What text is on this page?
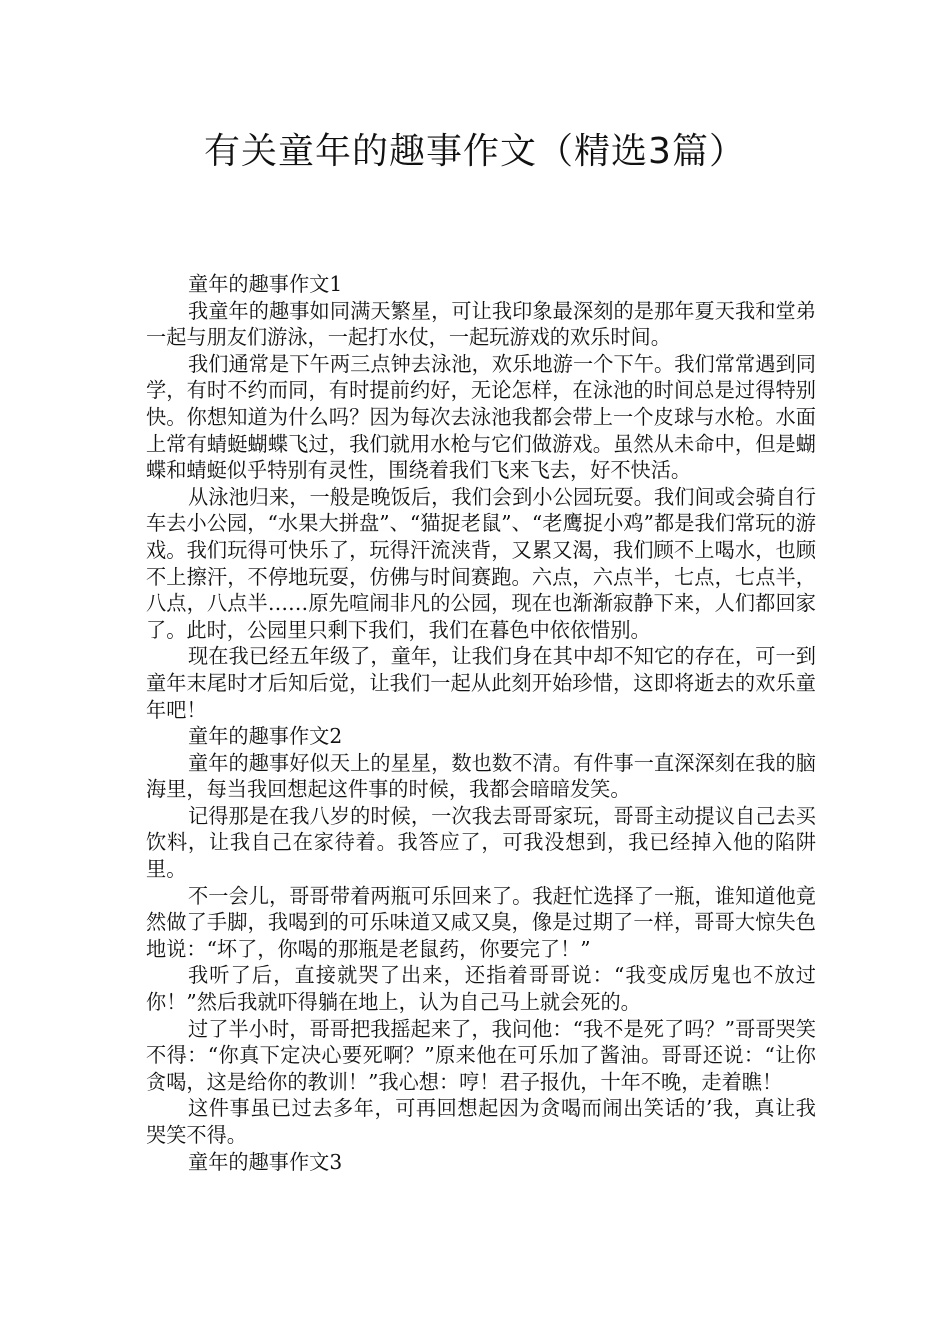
有关童年的趣事作文（精选3篇）

童年的趣事作文1

我童年的趣事如同满天繁星，可让我印象最深刻的是那年夏天我和堂弟一起与朋友们游泳，一起打水仗，一起玩游戏的欢乐时间。

我们通常是下午两三点钟去泳池，欢乐地游一个下午。我们常常遇到同学，有时不约而同，有时提前约好，无论怎样，在泳池的时间总是过得特别快。你想知道为什么吗？因为每次去泳池我都会带上一个皮球与水枪。水面上常有蜻蜓蝴蝶飞过，我们就用水枪与它们做游戏。虽然从未命中，但是蝴蝶和蜻蜓似乎特别有灵性，围绕着我们飞来飞去，好不快活。

从泳池归来，一般是晚饭后，我们会到小公园玩耍。我们间或会骑自行车去小公园，“水果大拼盘”、“猫捉老鼠”、“老鹰捉小鸡”都是我们常玩的游戏。我们玩得可快乐了，玩得汗流浃背，又累又渴，我们顾不上喝水，也顾不上擦汗，不停地玩耍，仿佛与时间赛跑。六点，六点半，七点，七点半，八点，八点半……原先喧闹非凡的公园，现在也渐渐寂静下来，人们都回家了。此时，公园里只剩下我们，我们在暮色中依依惜别。

现在我已经五年级了，童年，让我们身在其中却不知它的存在，可一到童年末尾时才后知后觉，让我们一起从此刻开始珍惜，这即将逝去的欢乐童年吧！

童年的趣事作文2

童年的趣事好似天上的星星，数也数不清。有件事一直深深刻在我的脑海里，每当我回想起这件事的时候，我都会暗暗发笑。

记得那是在我八岁的时候，一次我去哥哥家玩，哥哥主动提议自己去买饮料，让我自己在家待着。我答应了，可我没想到，我已经掉入他的陷阱里。

不一会儿，哥哥带着两瓶可乐回来了。我赶忙选择了一瓶，谁知道他竟然做了手脚，我喝到的可乐味道又咸又臭，像是过期了一样，哥哥大惊失色地说：“坏了，你喝的那瓶是老鼠药，你要完了！”

我听了后，直接就哭了出来，还指着哥哥说：“我变成厉鬼也不放过你！”然后我就吓得躺在地上，认为自己马上就会死的。

过了半小时，哥哥把我摇起来了，我问他：“我不是死了吗？”哥哥哭笑不得：“你真下定决心要死啊？”原来他在可乐加了酱油。哥哥还说：“让你贪喝，这是给你的教训！”我心想：哼！君子报仇，十年不晚，走着瞧！

这件事虽已过去多年，可再回想起因为贪喝而闹出笑话的’我，真让我哭笑不得。

童年的趣事作文3
